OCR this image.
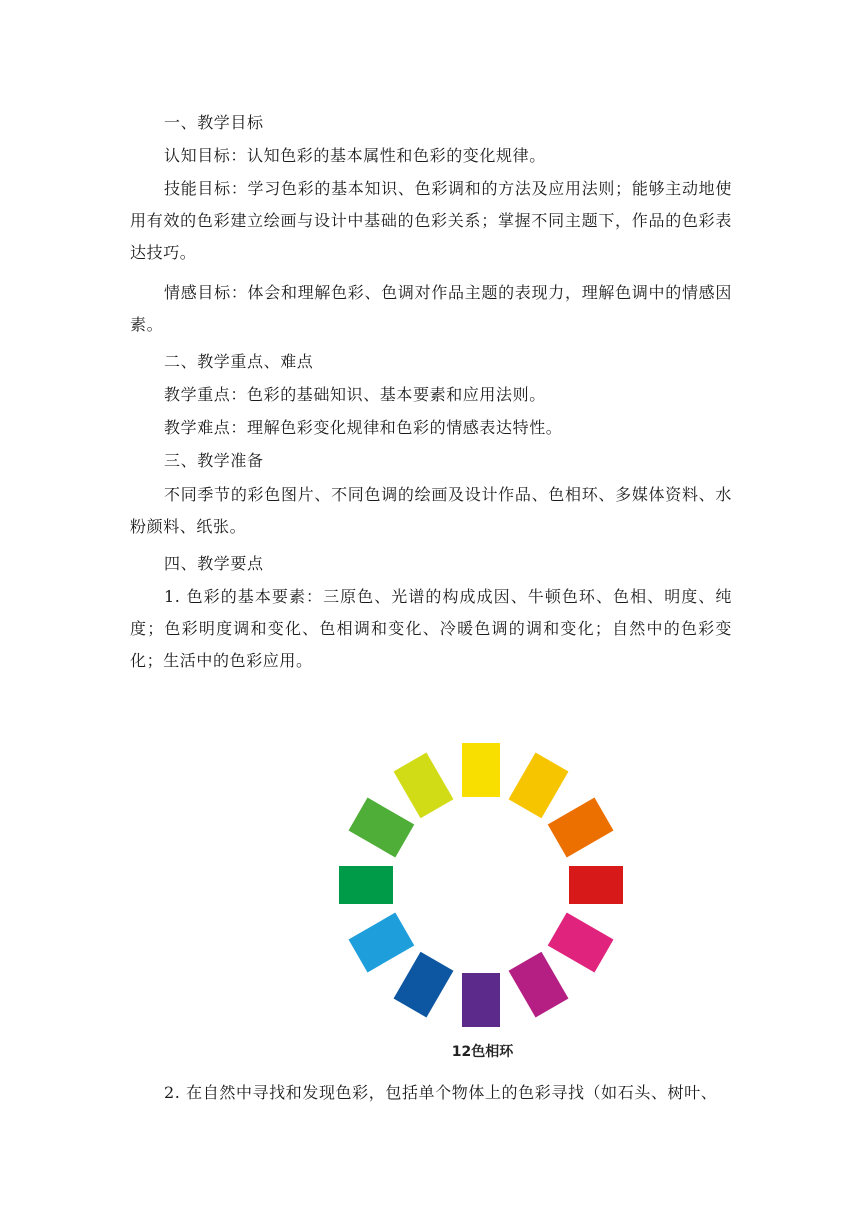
一、教学目标

认知目标：认知色彩的基本属性和色彩的变化规律。

技能目标：学习色彩的基本知识、色彩调和的方法及应用法则；能够主动地使用有效的色彩建立绘画与设计中基础的色彩关系；掌握不同主题下，作品的色彩表达技巧。

情感目标：体会和理解色彩、色调对作品主题的表现力，理解色调中的情感因素。

二、教学重点、难点

教学重点：色彩的基础知识、基本要素和应用法则。

教学难点：理解色彩变化规律和色彩的情感表达特性。

三、教学准备

不同季节的彩色图片、不同色调的绘画及设计作品、色相环、多媒体资料、水粉颜料、纸张。

四、教学要点

1. 色彩的基本要素：三原色、光谱的构成成因、牛顿色环、色相、明度、纯度；色彩明度调和变化、色相调和变化、冷暖色调的调和变化；自然中的色彩变化；生活中的色彩应用。

12色相环

2. 在自然中寻找和发现色彩，包括单个物体上的色彩寻找（如石头、树叶、
